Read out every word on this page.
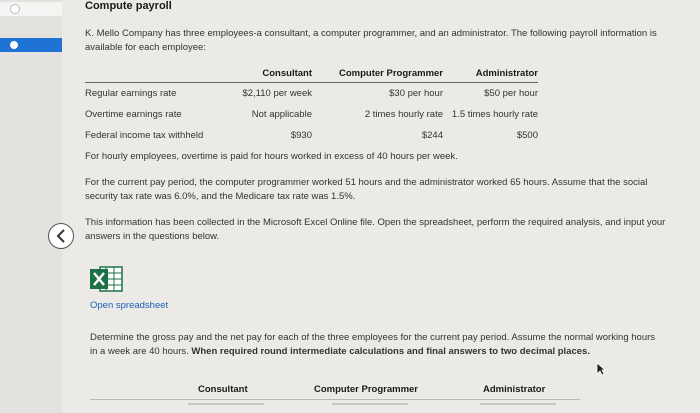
Compute payroll
K. Mello Company has three employees-a consultant, a computer programmer, and an administrator. The following payroll information is available for each employee:
	Consultant	Computer Programmer	Administrator
Regular earnings rate	$2,110 per week	$30 per hour	$50 per hour
Overtime earnings rate	Not applicable	2 times hourly rate	1.5 times hourly rate
Federal income tax withheld	$930	$244	$500
For hourly employees, overtime is paid for hours worked in excess of 40 hours per week.
For the current pay period, the computer programmer worked 51 hours and the administrator worked 65 hours. Assume that the social security tax rate was 6.0%, and the Medicare tax rate was 1.5%.
This information has been collected in the Microsoft Excel Online file. Open the spreadsheet, perform the required analysis, and input your answers in the questions below.
Open spreadsheet
Determine the gross pay and the net pay for each of the three employees for the current pay period. Assume the normal working hours in a week are 40 hours. When required round intermediate calculations and final answers to two decimal places.
Consultant	Computer Programmer	Administrator
